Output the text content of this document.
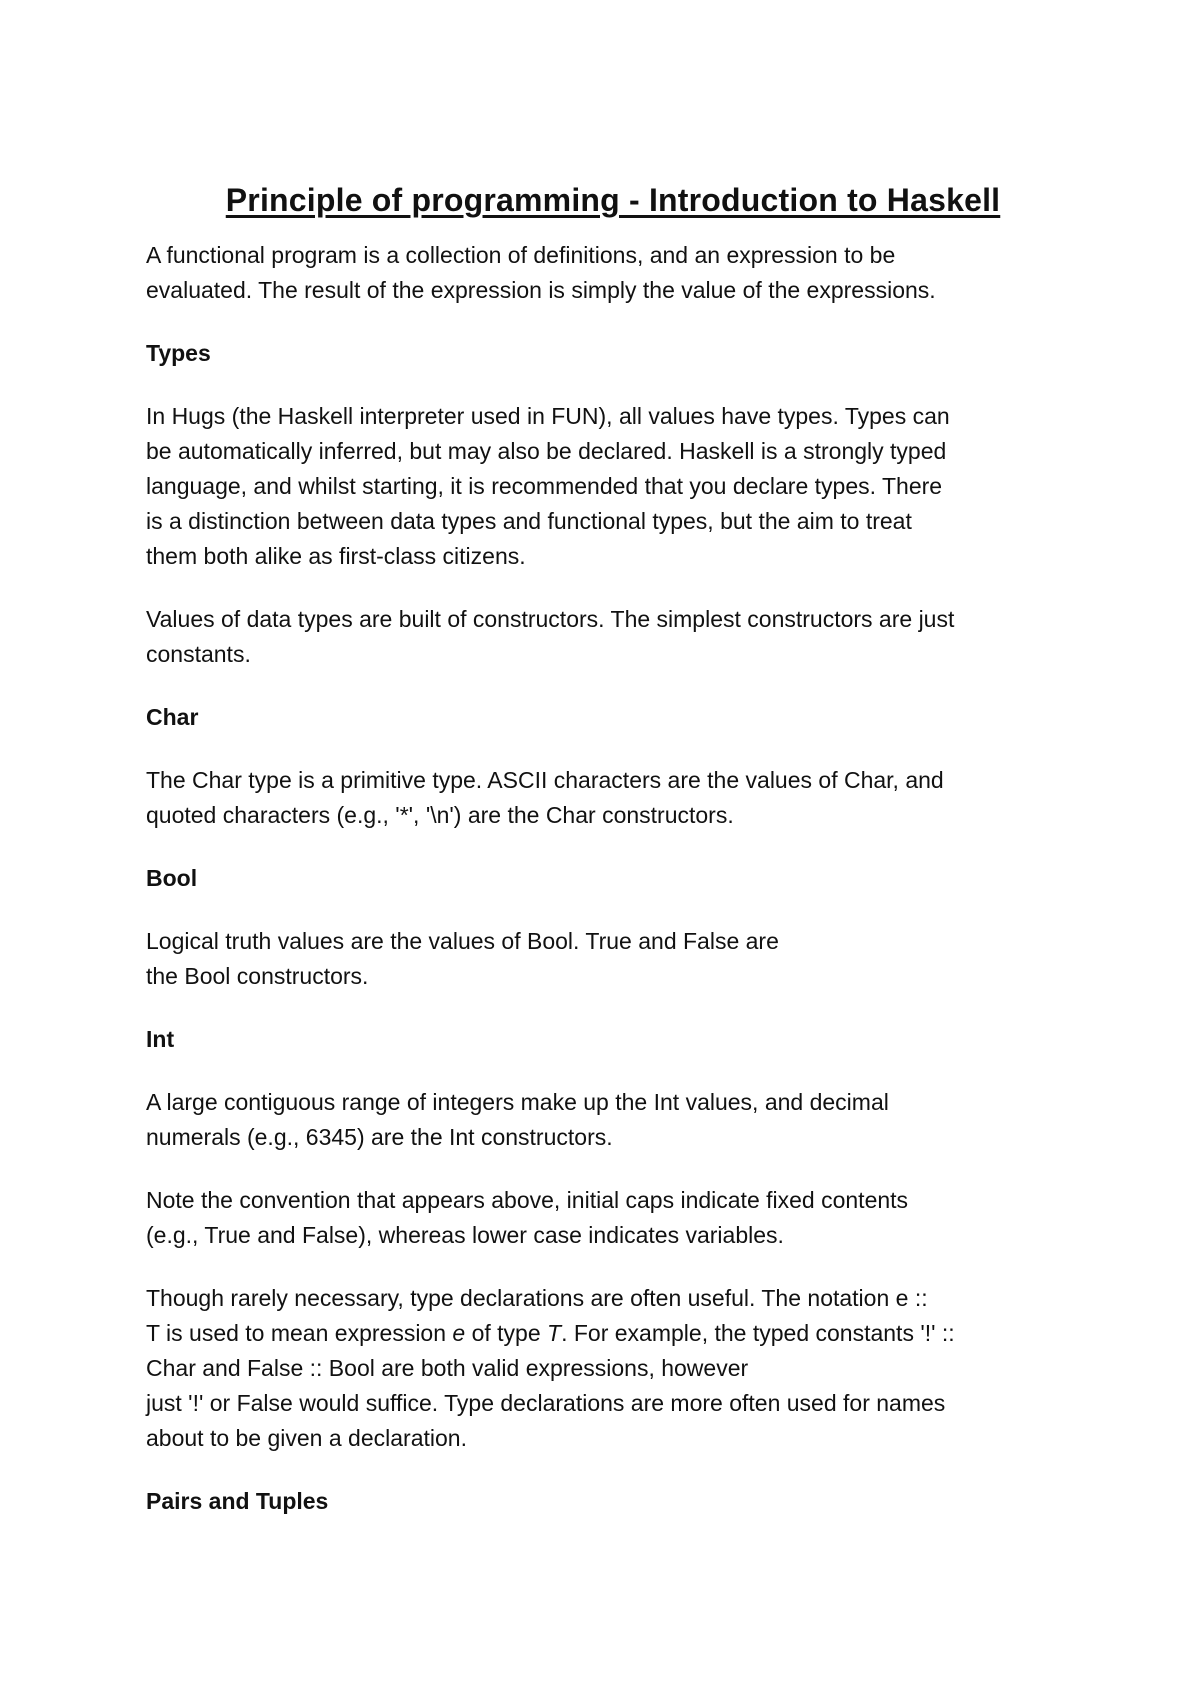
Principle of programming - Introduction to Haskell

A functional program is a collection of definitions, and an expression to be
evaluated. The result of the expression is simply the value of the expressions.

Types

In Hugs (the Haskell interpreter used in FUN), all values have types. Types can
be automatically inferred, but may also be declared. Haskell is a strongly typed
language, and whilst starting, it is recommended that you declare types. There
is a distinction between data types and functional types, but the aim to treat
them both alike as first-class citizens.

Values of data types are built of constructors. The simplest constructors are just
constants.

Char

The Char type is a primitive type. ASCII characters are the values of Char, and
quoted characters (e.g., '*', '\n') are the Char constructors.

Bool

Logical truth values are the values of Bool. True and False are
the Bool constructors.

Int

A large contiguous range of integers make up the Int values, and decimal
numerals (e.g., 6345) are the Int constructors.

Note the convention that appears above, initial caps indicate fixed contents
(e.g., True and False), whereas lower case indicates variables.

Though rarely necessary, type declarations are often useful. The notation e ::
T is used to mean expression e of type T. For example, the typed constants '!' ::
Char and False :: Bool are both valid expressions, however
just '!' or False would suffice. Type declarations are more often used for names
about to be given a declaration.

Pairs and Tuples
